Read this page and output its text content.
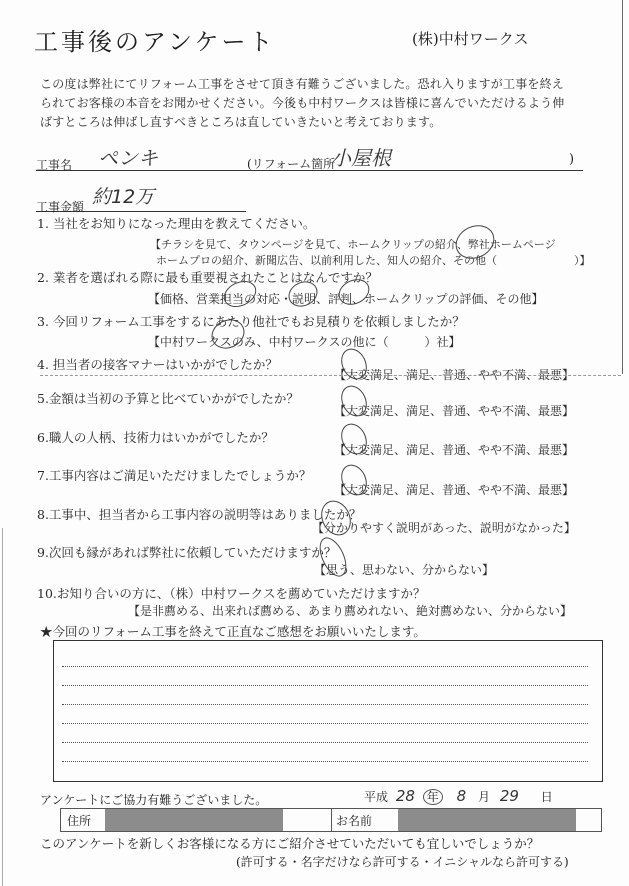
工事後のアンケート	(株)中村ワークス
この度は弊社にてリフォーム工事をさせて頂き有難うございました。恐れ入りますが工事を終え
られてお客様の本音をお聞かせください。今後も中村ワークスは皆様に喜んでいただけるよう伸
ばすところは伸ばし直すべきところは直していきたいと考えております。
工事名 ペンキ	(リフォーム箇所
小屋根	)
工事金額 約12万
1. 当社をお知りになった理由を教えてください。
【チラシを見て、タウンページを見て、ホームクリップの紹介、弊社ホームページ
ホームプロの紹介、新聞広告、以前利用した、知人の紹介、その他（　　　　　　　）】
2. 業者を選ばれる際に最も重要視されたことはなんですか？
【価格、営業担当の対応・説明、評判、ホームクリップの評価、その他】
3. 今回リフォーム工事をするにあたり他社でもお見積りを依頼しましたか？
【中村ワークスのみ、中村ワークスの他に（　　　）社】
4. 担当者の接客マナーはいかがでしたか？
【大変満足、満足、普通、やや不満、最悪】
5.金額は当初の予算と比べていかがでしたか？
【大変満足、満足、普通、やや不満、最悪】
6.職人の人柄、技術力はいかがでしたか？
【大変満足、満足、普通、やや不満、最悪】
7.工事内容はご満足いただけましたでしょうか？
【大変満足、満足、普通、やや不満、最悪】
8.工事中、担当者から工事内容の説明等はありましたか？
【分かりやすく説明があった、説明がなかった】
9.次回も縁があれば弊社に依頼していただけますか？
【思う、思わない、分からない】
10.お知り合いの方に、（株）中村ワークスを薦めていただけますか？
【是非薦める、出来れば薦める、あまり薦めれない、絶対薦めない、分からない】
★今回のリフォーム工事を終えて正直なご感想をお願いいたします。
アンケートにご協力有難うございました。	平成 28 年 8 月 29 日
住所	お名前
このアンケートを新しくお客様になる方にご紹介させていただいても宜しいでしょうか？
(許可する・名字だけなら許可する・イニシャルなら許可する)
